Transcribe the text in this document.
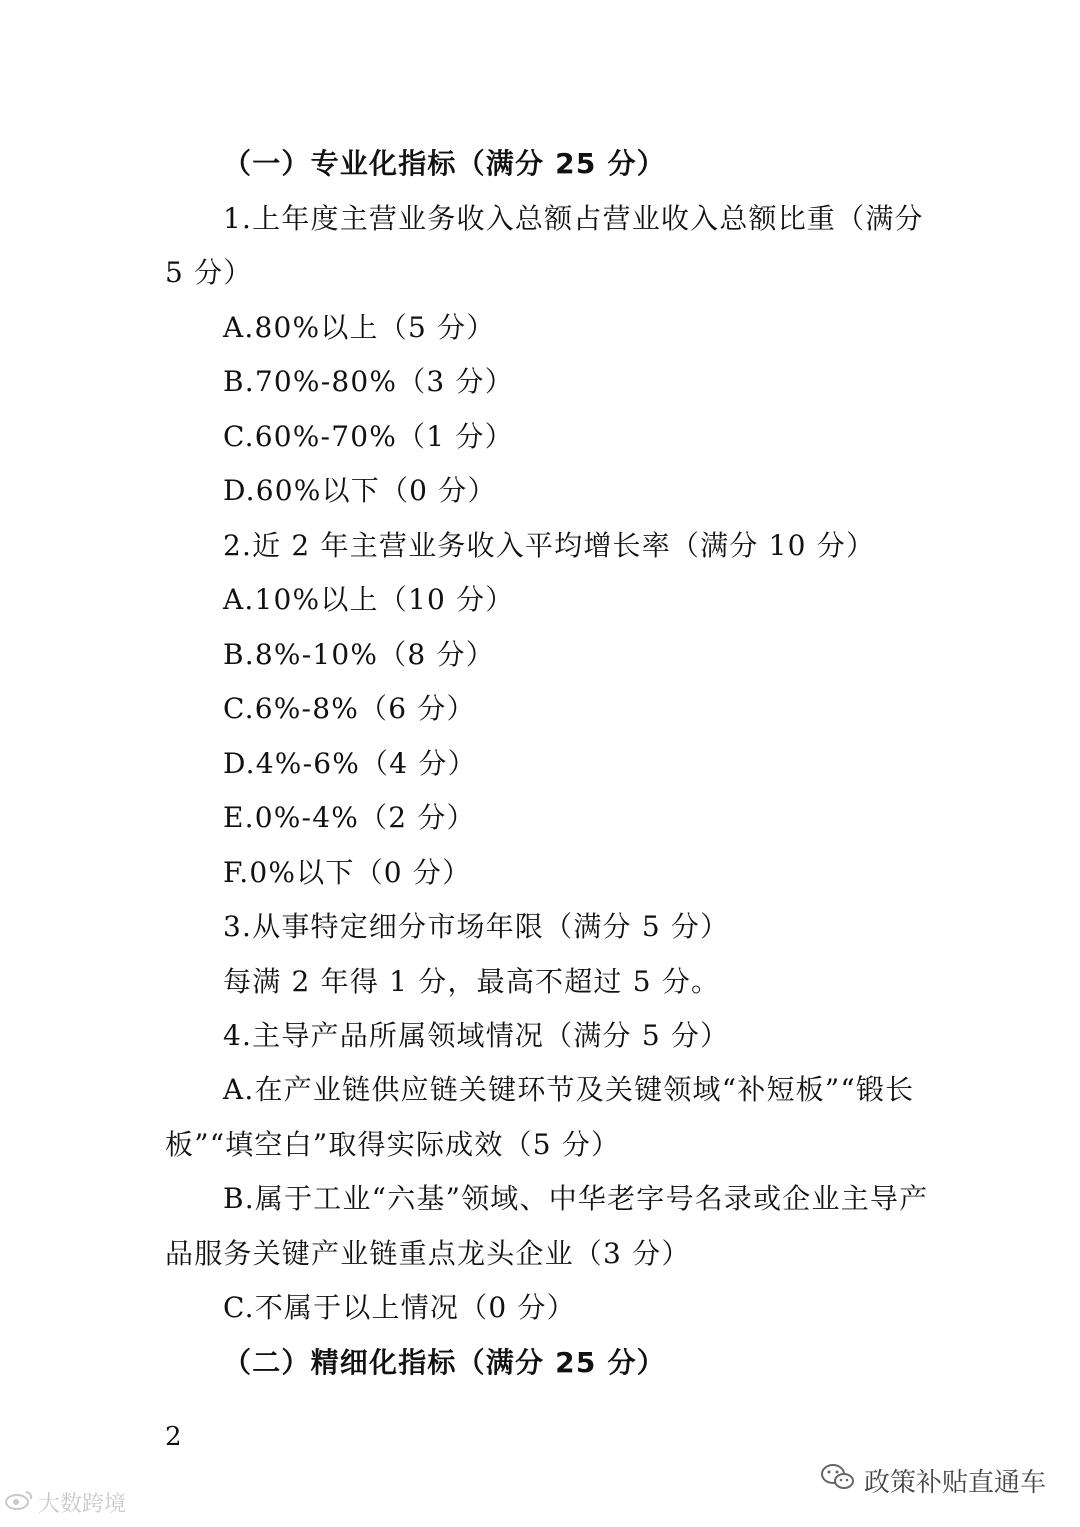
（一）专业化指标（满分 25 分）
1.上年度主营业务收入总额占营业收入总额比重（满分
5 分）
A.80%以上（5 分）
B.70%-80%（3 分）
C.60%-70%（1 分）
D.60%以下（0 分）
2.近 2 年主营业务收入平均增长率（满分 10 分）
A.10%以上（10 分）
B.8%-10%（8 分）
C.6%-8%（6 分）
D.4%-6%（4 分）
E.0%-4%（2 分）
F.0%以下（0 分）
3.从事特定细分市场年限（满分 5 分）
每满 2 年得 1 分，最高不超过 5 分。
4.主导产品所属领域情况（满分 5 分）
A.在产业链供应链关键环节及关键领域“补短板”“锻长
板”“填空白”取得实际成效（5 分）
B.属于工业“六基”领域、中华老字号名录或企业主导产
品服务关键产业链重点龙头企业（3 分）
C.不属于以上情况（0 分）
（二）精细化指标（满分 25 分）
2
大数跨境
政策补贴直通车
